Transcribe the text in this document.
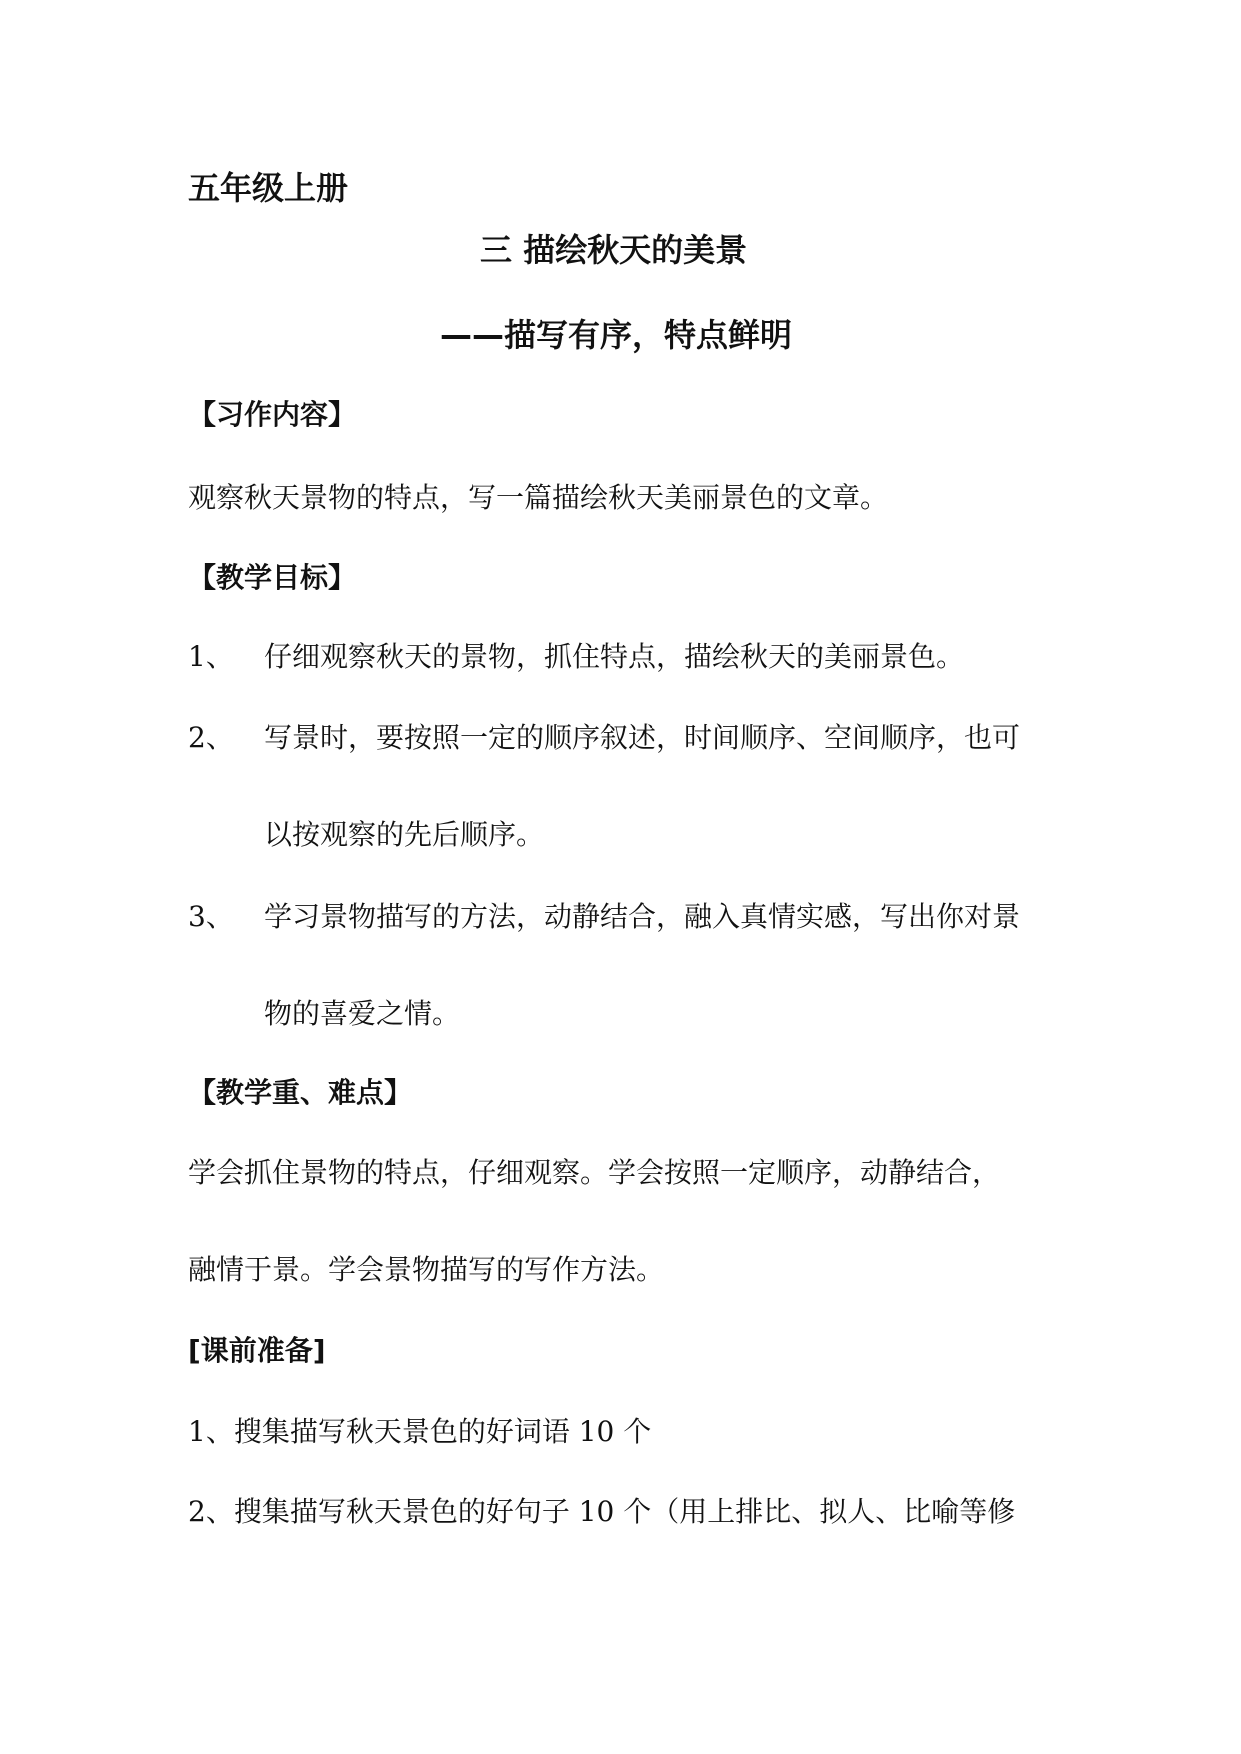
五年级上册
三 描绘秋天的美景
——描写有序，特点鲜明
【习作内容】
观察秋天景物的特点，写一篇描绘秋天美丽景色的文章。
【教学目标】
1、 仔细观察秋天的景物，抓住特点，描绘秋天的美丽景色。
2、 写景时，要按照一定的顺序叙述，时间顺序、空间顺序，也可
以按观察的先后顺序。
3、 学习景物描写的方法，动静结合，融入真情实感，写出你对景
物的喜爱之情。
【教学重、难点】
学会抓住景物的特点，仔细观察。学会按照一定顺序，动静结合，
融情于景。学会景物描写的写作方法。
[课前准备]
1、搜集描写秋天景色的好词语 10 个
2、搜集描写秋天景色的好句子 10 个（用上排比、拟人、比喻等修
